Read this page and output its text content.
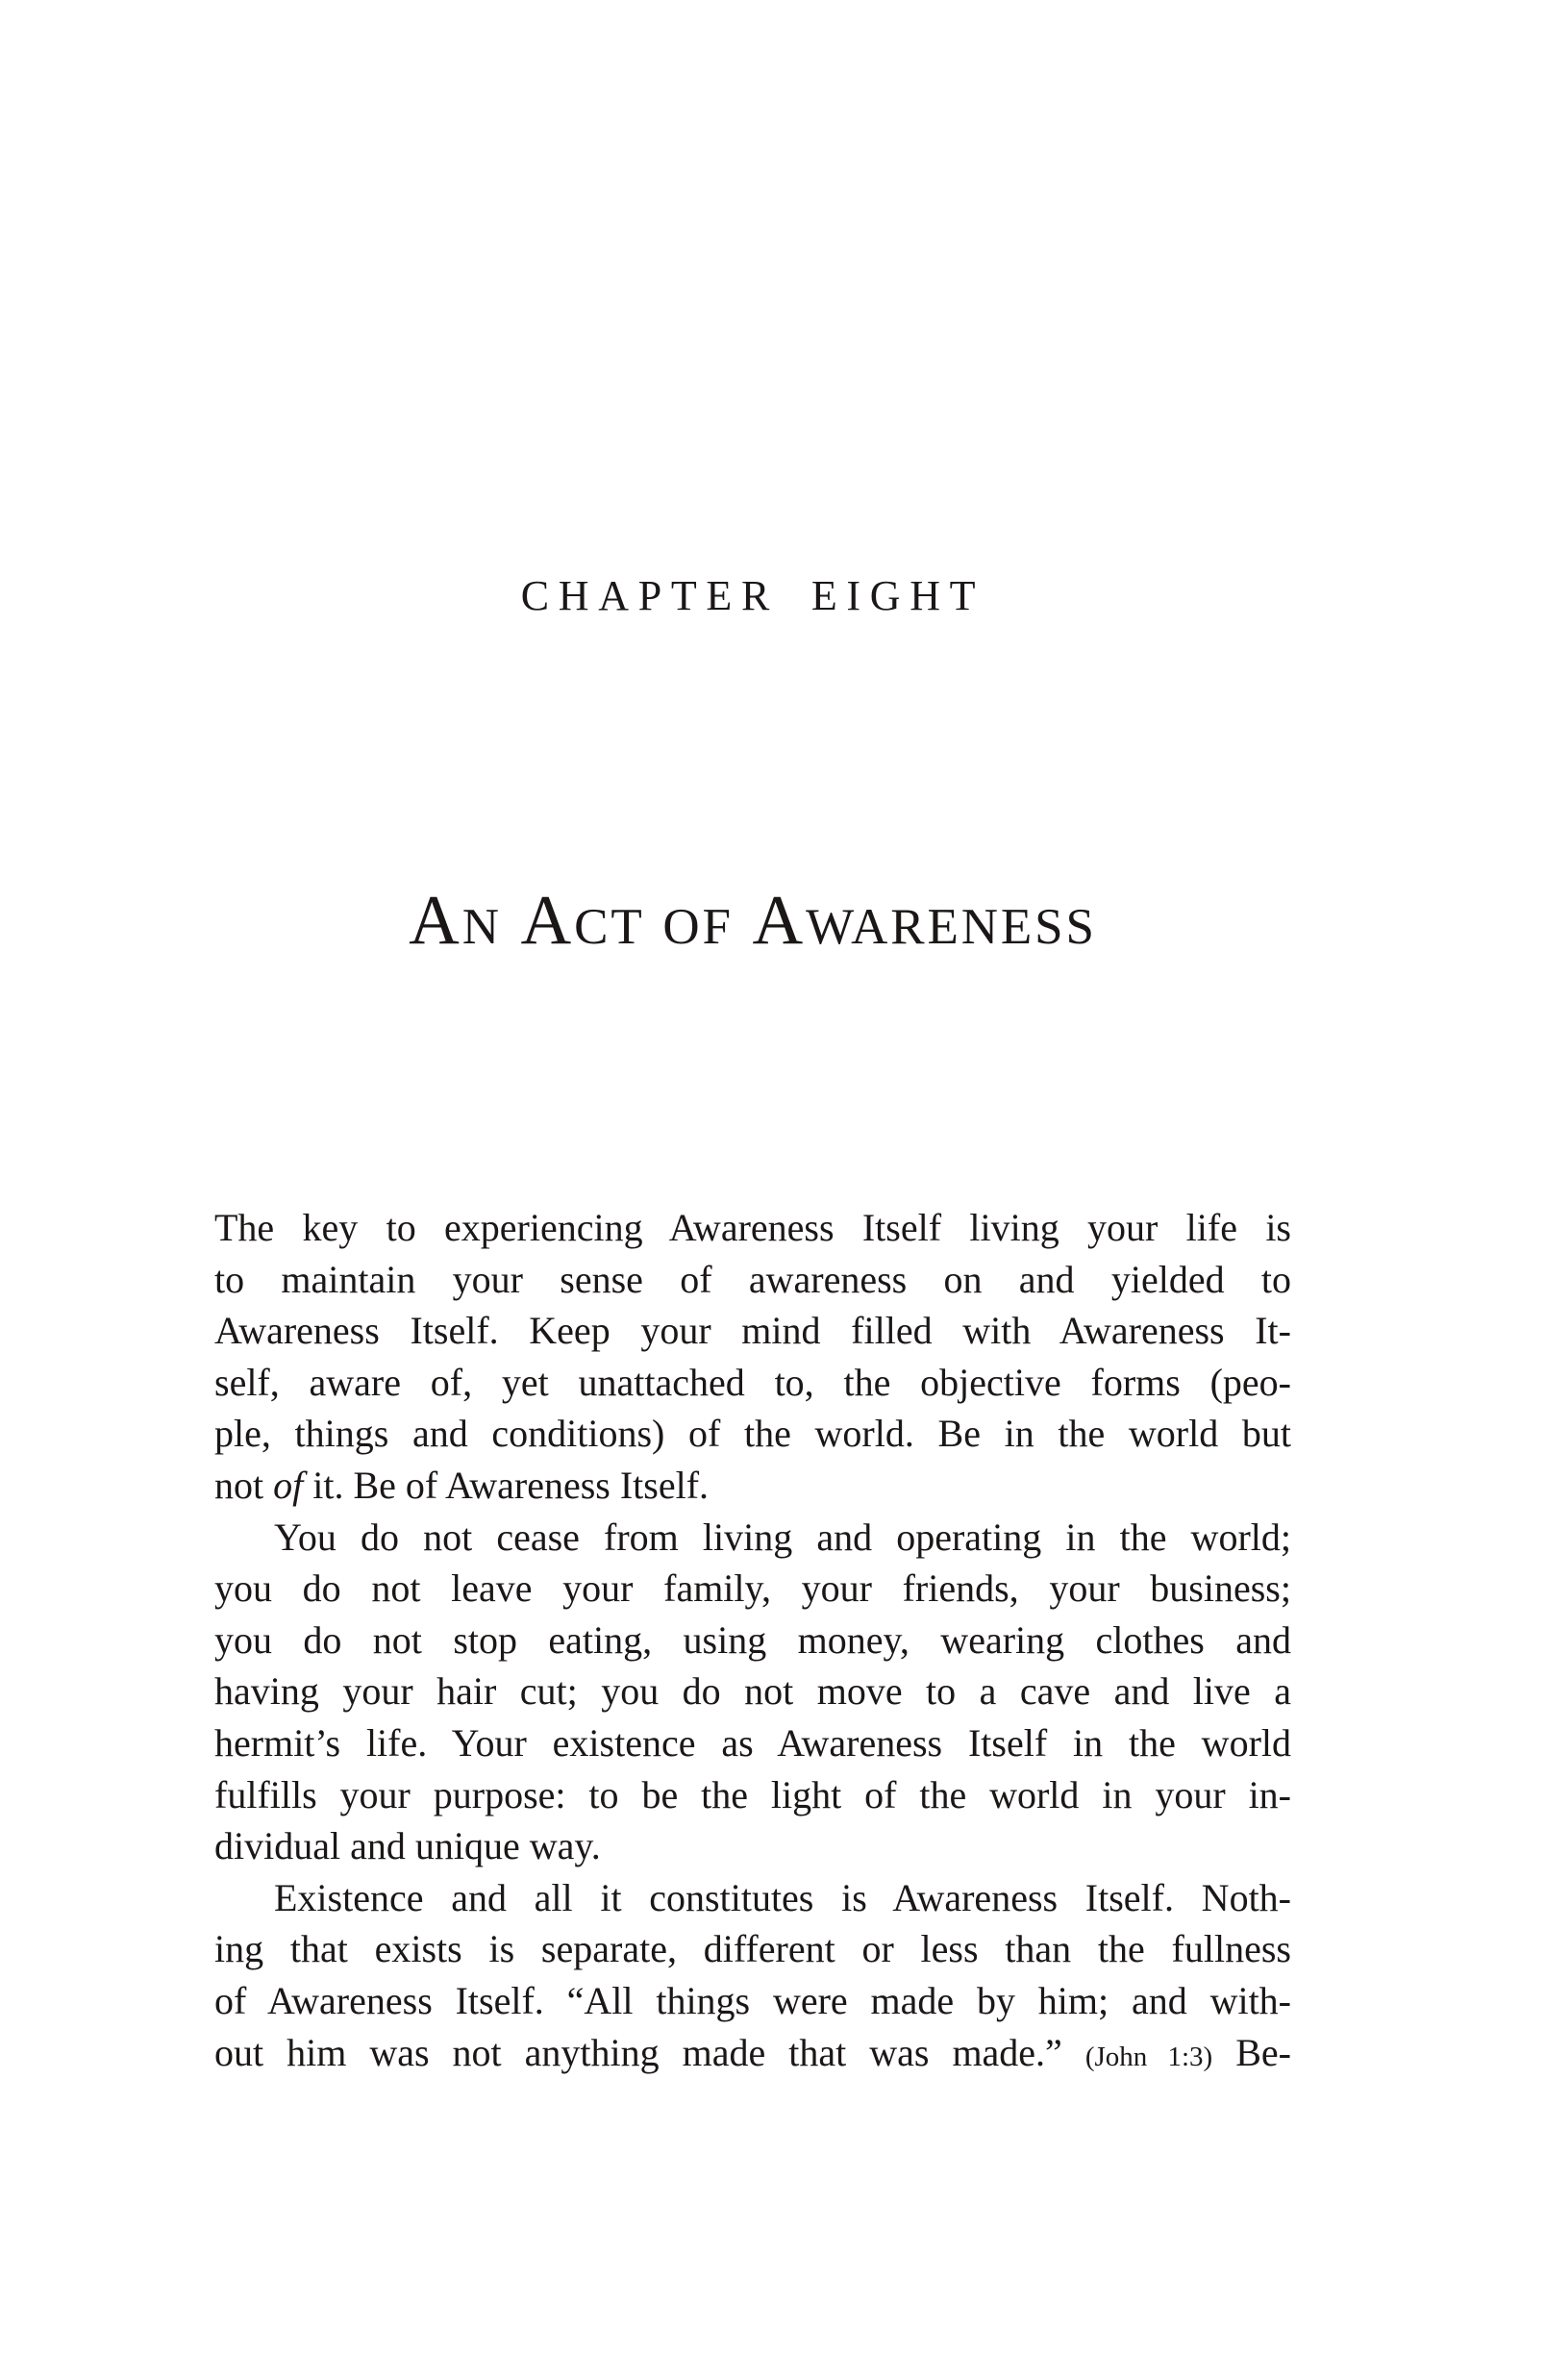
CHAPTER EIGHT
AN ACT OF AWARENESS
The key to experiencing Awareness Itself living your life is
to maintain your sense of awareness on and yielded to
Awareness Itself. Keep your mind filled with Awareness It-
self, aware of, yet unattached to, the objective forms (peo-
ple, things and conditions) of the world. Be in the world but
not of it. Be of Awareness Itself.
You do not cease from living and operating in the world;
you do not leave your family, your friends, your business;
you do not stop eating, using money, wearing clothes and
having your hair cut; you do not move to a cave and live a
hermit’s life. Your existence as Awareness Itself in the world
fulfills your purpose: to be the light of the world in your in-
dividual and unique way.
Existence and all it constitutes is Awareness Itself. Noth-
ing that exists is separate, different or less than the fullness
of Awareness Itself. “All things were made by him; and with-
out him was not anything made that was made.” (John 1:3) Be-
